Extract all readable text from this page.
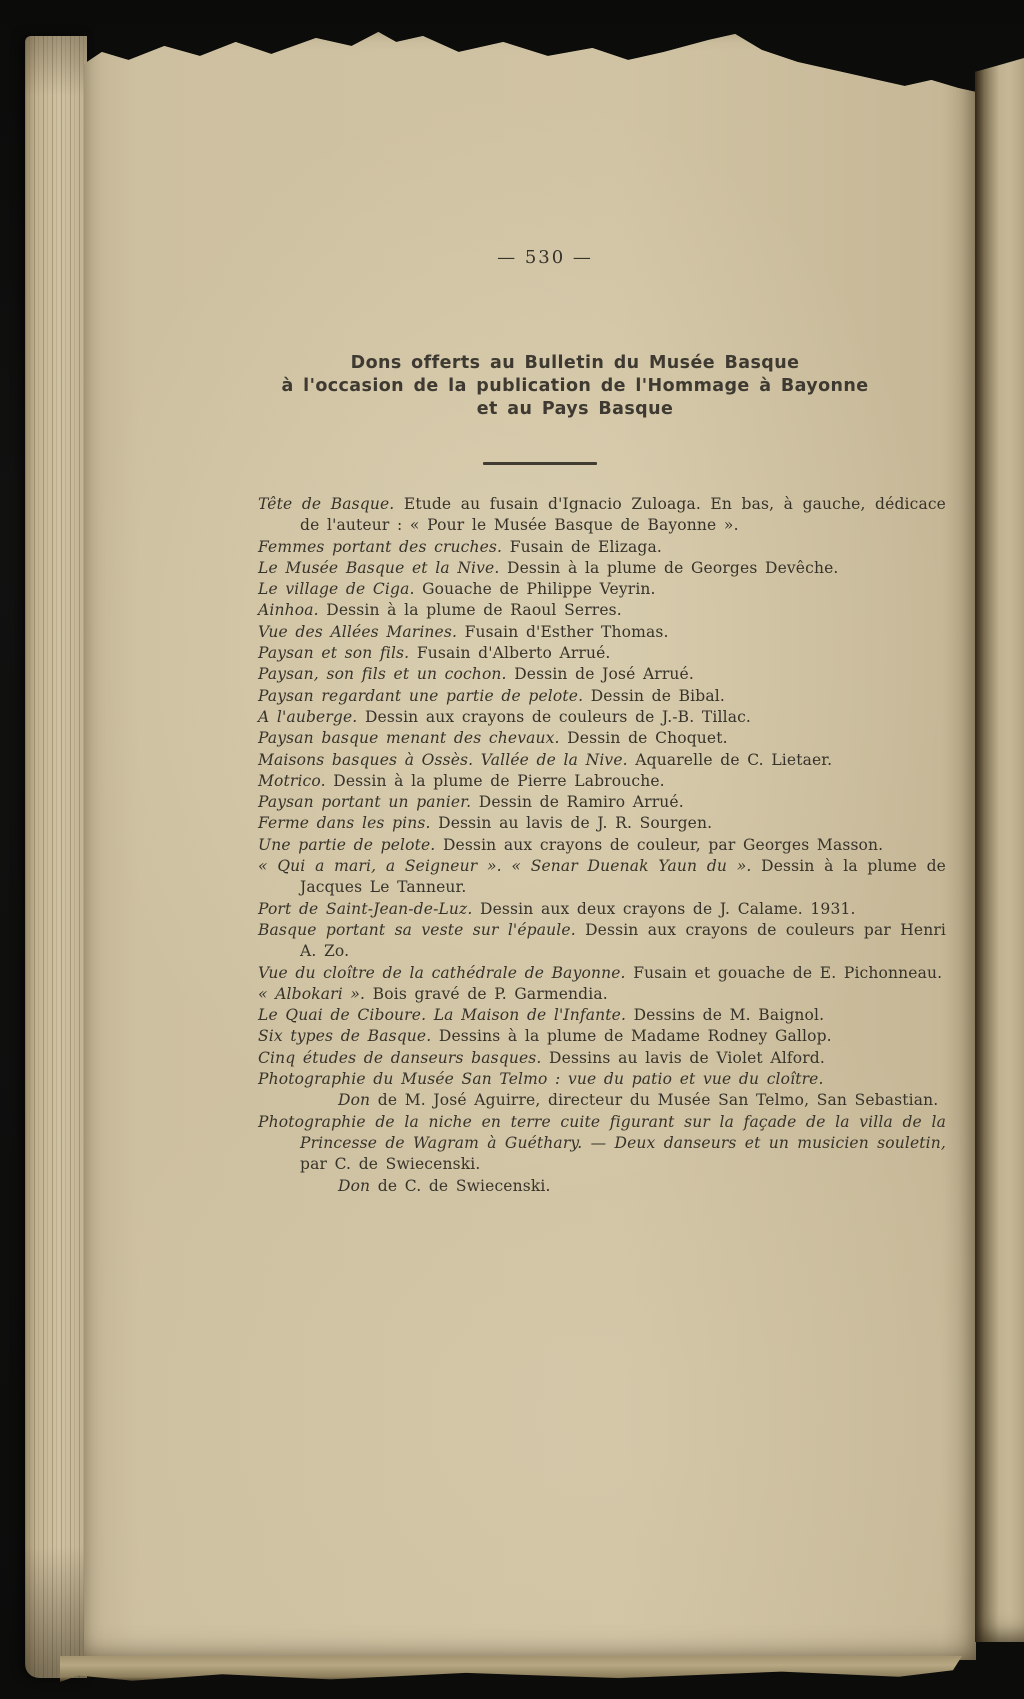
— 530 —
Dons offerts au Bulletin du Musée Basque
à l'occasion de la publication de l'Hommage à Bayonne
et au Pays Basque
Tête de Basque. Etude au fusain d'Ignacio Zuloaga. En bas, à gauche, dédicace de l'auteur : « Pour le Musée Basque de Bayonne ».
Femmes portant des cruches. Fusain de Elizaga.
Le Musée Basque et la Nive. Dessin à la plume de Georges Devêche.
Le village de Ciga. Gouache de Philippe Veyrin.
Ainhoa. Dessin à la plume de Raoul Serres.
Vue des Allées Marines. Fusain d'Esther Thomas.
Paysan et son fils. Fusain d'Alberto Arrué.
Paysan, son fils et un cochon. Dessin de José Arrué.
Paysan regardant une partie de pelote. Dessin de Bibal.
A l'auberge. Dessin aux crayons de couleurs de J.-B. Tillac.
Paysan basque menant des chevaux. Dessin de Choquet.
Maisons basques à Ossès. Vallée de la Nive. Aquarelle de C. Lietaer.
Motrico. Dessin à la plume de Pierre Labrouche.
Paysan portant un panier. Dessin de Ramiro Arrué.
Ferme dans les pins. Dessin au lavis de J. R. Sourgen.
Une partie de pelote. Dessin aux crayons de couleur, par Georges Masson.
« Qui a mari, a Seigneur ». « Senar Duenak Yaun du ». Dessin à la plume de Jacques Le Tanneur.
Port de Saint-Jean-de-Luz. Dessin aux deux crayons de J. Calame. 1931.
Basque portant sa veste sur l'épaule. Dessin aux crayons de couleurs par Henri A. Zo.
Vue du cloître de la cathédrale de Bayonne. Fusain et gouache de E. Pichonneau.
« Albokari ». Bois gravé de P. Garmendia.
Le Quai de Ciboure. La Maison de l'Infante. Dessins de M. Baignol.
Six types de Basque. Dessins à la plume de Madame Rodney Gallop.
Cinq études de danseurs basques. Dessins au lavis de Violet Alford.
Photographie du Musée San Telmo : vue du patio et vue du cloître.
Don de M. José Aguirre, directeur du Musée San Telmo, San Sebastian.
Photographie de la niche en terre cuite figurant sur la façade de la villa de la Princesse de Wagram à Guéthary. — Deux danseurs et un musicien souletin, par C. de Swiecenski.
Don de C. de Swiecenski.
